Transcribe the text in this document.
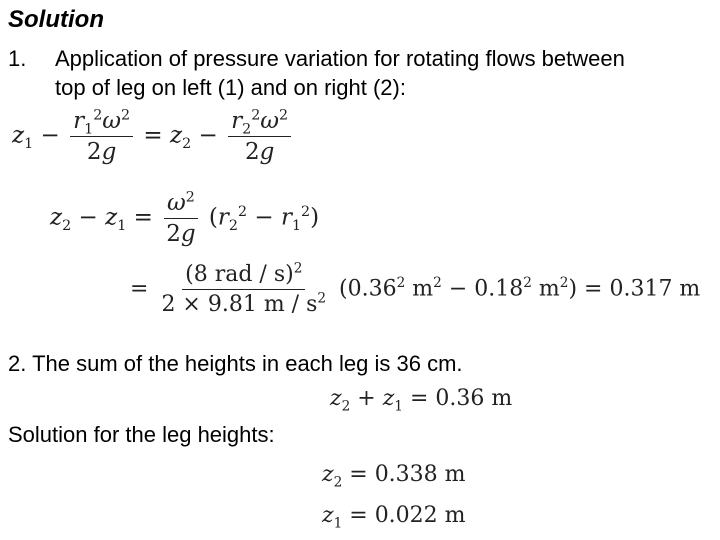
Solution
1. Application of pressure variation for rotating flows between
top of leg on left (1) and on right (2):
$z_1 - \frac{r_1^2\omega^2}{2g} = z_2 - \frac{r_2^2\omega^2}{2g}$
$z_2 - z_1 = \frac{\omega^2}{2g} (r_2^2 - r_1^2)$
= $\frac{(8 rad / s)^2}{2 \times 9.81 m / s^2} (0.36^2$ $m^2 - 0.18^2$ $m^2) = 0.317$ m
2. The sum of the heights in each leg is 36 cm.
$z_2 + z_1 = 0.36$ m
Solution for the leg heights:
$z_2 = 0.338$ m
$z_1 = 0.022$ m
